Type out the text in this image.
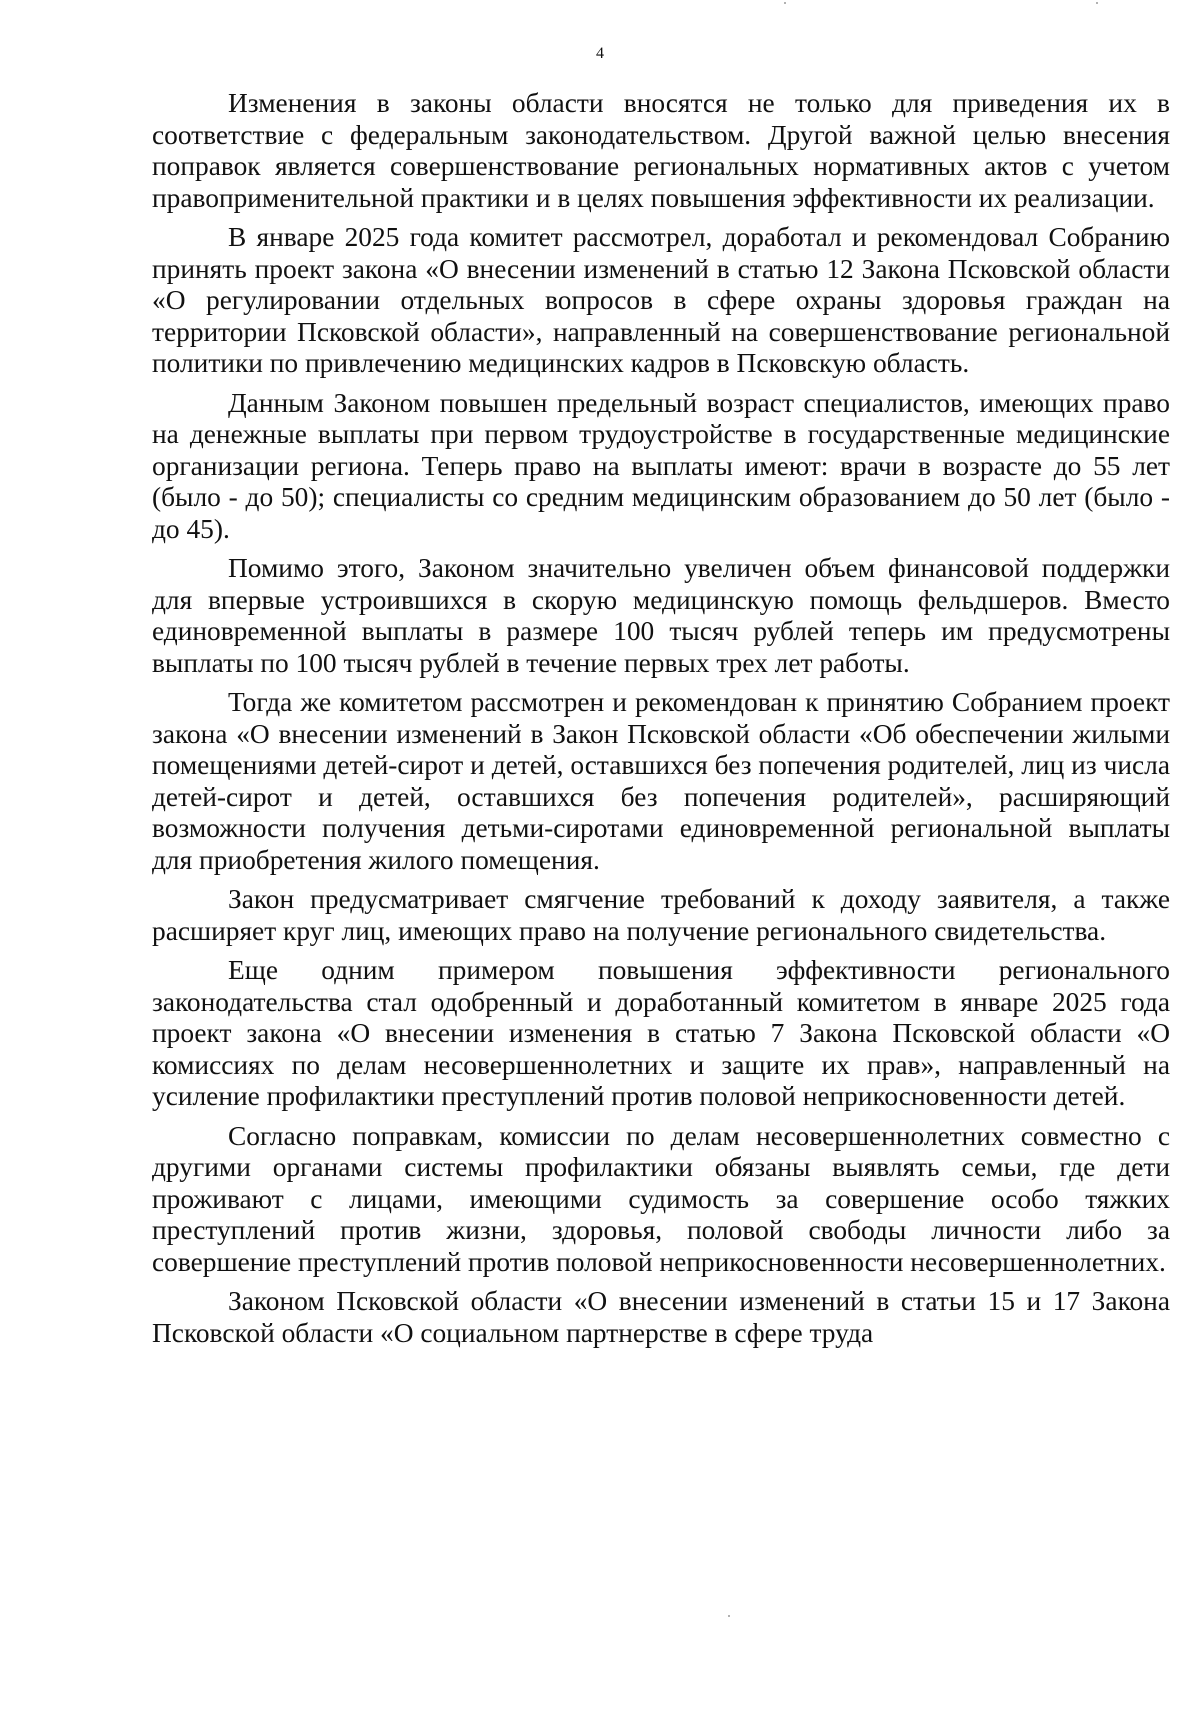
4

Изменения в законы области вносятся не только для приведения их в соответствие с федеральным законодательством. Другой важной целью внесения поправок является совершенствование региональных нормативных актов с учетом правоприменительной практики и в целях повышения эффективности их реализации.

В январе 2025 года комитет рассмотрел, доработал и рекомендовал Собранию принять проект закона «О внесении изменений в статью 12 Закона Псковской области «О регулировании отдельных вопросов в сфере охраны здоровья граждан на территории Псковской области», направленный на совершенствование региональной политики по привлечению медицинских кадров в Псковскую область.

Данным Законом повышен предельный возраст специалистов, имеющих право на денежные выплаты при первом трудоустройстве в государственные медицинские организации региона. Теперь право на выплаты имеют: врачи в возрасте до 55 лет (было - до 50); специалисты со средним медицинским образованием до 50 лет (было - до 45).

Помимо этого, Законом значительно увеличен объем финансовой поддержки для впервые устроившихся в скорую медицинскую помощь фельдшеров. Вместо единовременной выплаты в размере 100 тысяч рублей теперь им предусмотрены выплаты по 100 тысяч рублей в течение первых трех лет работы.

Тогда же комитетом рассмотрен и рекомендован к принятию Собранием проект закона «О внесении изменений в Закон Псковской области «Об обеспечении жилыми помещениями детей-сирот и детей, оставшихся без попечения родителей, лиц из числа детей-сирот и детей, оставшихся без попечения родителей», расширяющий возможности получения детьми-сиротами единовременной региональной выплаты для приобретения жилого помещения.

Закон предусматривает смягчение требований к доходу заявителя, а также расширяет круг лиц, имеющих право на получение регионального свидетельства.

Еще одним примером повышения эффективности регионального законодательства стал одобренный и доработанный комитетом в январе 2025 года проект закона «О внесении изменения в статью 7 Закона Псковской области «О комиссиях по делам несовершеннолетних и защите их прав», направленный на усиление профилактики преступлений против половой неприкосновенности детей.

Согласно поправкам, комиссии по делам несовершеннолетних совместно с другими органами системы профилактики обязаны выявлять семьи, где дети проживают с лицами, имеющими судимость за совершение особо тяжких преступлений против жизни, здоровья, половой свободы личности либо за совершение преступлений против половой неприкосновенности несовершеннолетних.

Законом Псковской области «О внесении изменений в статьи 15 и 17 Закона Псковской области «О социальном партнерстве в сфере труда
